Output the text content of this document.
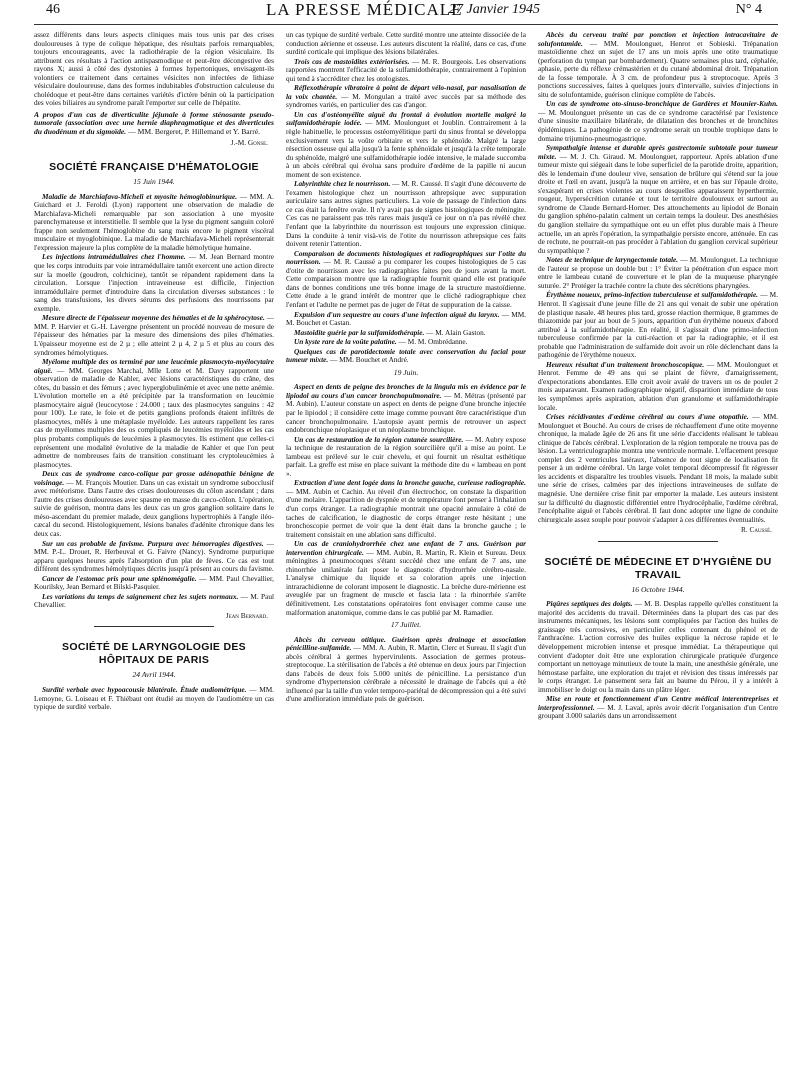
46	LA PRESSE MÉDICALE
27 Janvier 1945	N° 4

assez différents dans leurs aspects cliniques mais tous unis par des crises douloureuses à type de colique hépatique, des résultats parfois remarquables, toujours encourageants, avec la radiothérapie de la région vésiculaire. Ils attribuent ces résultats à l'action antispasmodique et peut-être décongestive des rayons X; aussi à côté des dystonies à formes hypertoniques, envisagent-ils volontiers ce traitement dans certaines vésicites non infectées de lithiase vésiculaire douloureuse, dans des formes indubitables d'obstruction calculeuse du cholédoque et peut-être dans certaines variétés d'ictère bénin où la participation des voies biliaires au syndrome paraît l'emporter sur celle de l'hépatite.

A propos d'un cas de diverticulite jéjunale à forme sténosante pseudo-tumorale (association avec une hernie diaphragmatique et des diverticules du duodénum et du sigmoïde. — MM. Bergeret, P. Hillemand et Y. Barré.

J.-M. Gonse.
SOCIÉTÉ FRANÇAISE D'HÉMATOLOGIE
15 Juin 1944.

Maladie de Marchiafava-Micheli et myosite hémoglobinurique. — MM. A. Guichard et J. Feroldi (Lyon) rapportent une observation de maladie de Marchiafava-Micheli remarquable par son association à une myosite parenchymateuse et interstitielle. Il semble que la lyse du pigment sanguin coloré frappe non seulement l'hémoglobine du sang mais encore le pigment viscéral musculaire et myoglobinique. La maladie de Marchiafava-Micheli représenterait l'expression majeure la plus complète de la maladie hémolytique humaine.

Les injections intramédullaires chez l'homme. — M. Jean Bernard montre que les corps introduits par voie intramédullaire tantôt exercent une action directe sur la moelle (goudron, colchicine), tantôt se répandent rapidement dans la circulation. Lorsque l'injection intraveineuse est difficile, l'injection intramédullaire permet d'introduire dans la circulation diverses substances : le sang des transfusions, les divers sérums des perfusions des nourrissons par exemple.

Mesure directe de l'épaisseur moyenne des hématies et de la sphérocytose. — MM. P. Harvier et G.-H. Lavergne présentent un procédé nouveau de mesure de l'épaisseur des hématies par la mesure des dimensions des piles d'hématies. L'épaisseur moyenne est de 2 µ ; elle atteint 2 µ 4, 2 µ 5 et plus au cours des syndromes hémolytiques.

Myélome multiple des os terminé par une leucémie plasmocyto-myélocytaire aiguë. — MM. Georges Marchal, Mlle Lotte et M. Davy rapportent une observation de maladie de Kahler, avec lésions caractéristiques du crâne, des côtes, du bassin et des fémurs ; avec hyperglobulinémie et avec une nette anémie. L'évolution mortelle en a été précipitée par la transformation en leucémie plasmocytaire aiguë (leucocytose : 24.000 ; taux des plasmocytes sanguins : 42 pour 100). Le rate, le foie et de petits ganglions profonds étaient infiltrés de plasmocytes, mêlés à une métaplasie myéloïde. Les auteurs rappellent les rares cas de myélomes multiples des os compliqués de leucémies myéloïdes et les cas plus probants compliqués de leucémies à plasmocytes. Ils estiment que celles-ci représentent une modalité évolutive de la maladie de Kahler et que l'on peut admettre de nombreuses faits de transition constituant les cryptoleucémies à plasmocytes.

Deux cas de syndrome cæco-colique par grosse adénopathie bénigne de voisinage. — M. François Moutier. Dans un cas existait un syndrome subocclusif avec météorisme. Dans l'autre des crises douloureuses du côlon ascendant ; dans l'autre des crises douloureuses avec spasme en masse du cæco-côlon. L'opération, suivie de guérison, montra dans les deux cas un gros ganglion solitaire dans le méso-ascendant du premier malade, deux ganglions hypertrophiés à l'angle iléo-cæcal du second. Histologiquement, lésions banales d'adénite chronique dans les deux cas.

Sur un cas probable de favisme. Purpura avec hémorragies digestives. — MM. P.-L. Drouet, R. Herbeuval et G. Faivre (Nancy). Syndrome purpurique apparu quelques heures après l'absorption d'un plat de fèves. Ce cas est tout différent des syndromes hémolytiques décrits jusqu'à présent au cours du favisme.

Cancer de l'estomac pris pour une splénomégalie. — MM. Paul Chevallier, Kourilsky, Jean Bernard et Bilski-Pasquier.

Les variations du temps de saignement chez les sujets normaux. — M. Paul Chevallier.

Jean Bernard.
SOCIÉTÉ DE LARYNGOLOGIE DES HÔPITAUX DE PARIS
24 Avril 1944.

Surdité verbale avec hypoacousie bilatérale. Étude audiométrique. — MM. Lemoyne, G. Loiseau et F. Thiébaut ont étudié au moyen de l'audiomètre un cas typique de surdité verbale.

un cas typique de surdité verbale. Cette surdité montre une atteinte dissociée de la conduction aérienne et osseuse. Les auteurs discutent la réalité, dans ce cas, d'une surdité corticale qui implique des lésions bilatérales.

Trois cas de mastoïdites extériorisées. — M. R. Bourgeois. Les observations rapportées montrent l'efficacité de la sulfamidothérapie, contrairement à l'opinion qui tend à s'accréditer chez les otologistes.

Réflexothérapie vibratoire à point de départ vélo-nasal, par nasalisation de la voix chantée. — M. Mongulan a traité avec succès par sa méthode des syndromes variés, en particulier des cas d'angor.

Un cas d'ostéomyélite aiguë du frontal à évolution mortelle malgré la sulfamidothérapie iodée. — MM. Moulonguet et Joublin. Contrairement à la règle habituelle, le processus ostéomyélitique parti du sinus frontal se développa exclusivement vers la voûte orbitaire et vers le sphénoïde. Malgré la large résection osseuse qui alla jusqu'à la fente sphénoïdale et jusqu'à la crête temporale du sphénoïde, malgré une sulfamidothérapie iodée intensive, le malade succomba à un abcès cérébral qui évolua sans produire d'œdème de la papille ni aucun moment de son existence.

Labyrinthite chez le nourrisson. — M. R. Caussé. Il s'agit d'une découverte de l'examen histologique chez un nourrisson athrepsique avec suppuration auriculaire sans autres signes particuliers. La voie de passage de l'infection dans ce cas était la fenêtre ovale. Il n'y avait pas de signes histologiques de méningite. Ces cas ne paraissent pas très rares mais jusqu'à ce jour on n'a pas révélé chez l'enfant que la labyrinthite du nourrisson est toujours une expression clinique. Dans la conduite à tenir visà-vis de l'otite du nourrisson athrepsique ces faits doivent retenir l'attention.

Comparaison de documents histologiques et radiographiques sur l'otite du nourrisson. — M. R. Caussé a pu comparer les coupes histologiques de 5 cas d'otite de nourrisson avec les radiographies faites peu de jours avant la mort. Cette comparaison montre que la radiographie fournit quand elle est pratiquée dans de bonnes conditions une très bonne image de la structure mastoïdienne. Cette étude a le grand intérêt de montrer que le cliché radiographique chez l'enfant et l'adulte ne permet pas de juger de l'état de suppuration de la caisse.

Expulsion d'un sequestre au cours d'une infection aiguë du larynx. — MM. M. Bouchet et Castan.

Mastoïdite guérie par la sulfamidothérapie. — M. Alain Gaston.

Un kyste rare de la voûte palatine. — M. M. Ombrédanne.

Quelques cas de parotidectomie totale avec conservation du facial pour tumeur mixte. — MM. Bouchet et André.

19 Juin.

Aspect en dents de peigne des bronches de la lingula mis en évidence par le lipiodol au cours d'un cancer bronchopulmonaire. — M. Métras (présenté par M. Aubin). L'auteur constate un aspect en dents de peigne d'une bronche injectée par le lipiodol ; il considère cette image comme pouvant être caractéristique d'un cancer bronchopulmonaire. L'autopsie ayant permis de retrouver un aspect endobronchique néoplasique et un néoplasme bronchique.

Un cas de restauration de la région cutanée sourcilière. — M. Aubry expose la technique de restauration de la région sourcilière qu'il a mise au point. Le lambeau est prélevé sur le cuir chevelu, et qui fournit un résultat esthétique parfait. La greffe est mise en place suivant la méthode dite du « lambeau en pont ».

Extraction d'une dent logée dans la bronche gauche, curieuse radiographie. — MM. Aubin et Cachin. Au réveil d'un électrochoc, on constate la disparition d'une molaire. L'apparition de dyspnée et de température font penser à l'inhalation d'un corps étranger. La radiographie montrait une opacité annulaire à côté de taches de calcification, le diagnostic de corps étranger reste hésitant ; une bronchoscopie permet de voir que la dent était dans la bronche gauche ; le traitement consistait en une ablation sans difficulté.

Un cas de craniohydrorrhée chez une enfant de 7 ans. Guérison par intervention chirurgicale. — MM. Aubin, R. Martin, R. Klein et Sureau. Deux méningites à pneumocoques s'étant succédé chez une enfant de 7 ans, une rhinorrhée unilatérale fait poser le diagnostic d'hydrorrhée cérébro-nasale. L'analyse chimique du liquide et sa coloration après une injection intrarachidienne de colorant imposent le diagnostic. La brèche dure-mérienne est aveuglée par un fragment de muscle et fascia lata : la rhinorrhée s'arrête définitivement. Les constatations opératoires font envisager comme cause une malformation anatomique, comme dans le cas publié par M. Ramadier.

17 Juillet.

Abcès du cerveau otitique. Guérison après drainage et association pénicilline-sulfamide. — MM. A. Aubin, R. Martin, Clerc et Sureau. Il s'agit d'un abcès cérébral à germes hypervirulents. Association de germes proteus-streptocoque. La stérilisation de l'abcès a été obtenue en deux jours par l'injection dans l'abcès de deux fois 5.000 unités de pénicilline. La persistance d'un syndrome d'hypertension cérébrale a nécessité le drainage de l'abcès qui a été influencé par la taille d'un volet temporo-pariétal de décompression qui a été suivi d'une amélioration immédiate puis de guérison.

Abcès du cerveau traité par ponction et injection intracavitaire de solufontamide. — MM. Moulonguet, Henrot et Sobieski. Trépanation mastoïdienne chez un sujet de 17 ans un mois après une otite traumatique (perforation du tympan par bombardement). Quatre semaines plus tard, céphalée, aphasie, perte du réflexe crémastérien et du cutané abdominal droit. Trépanation de la fosse temporale. À 3 cm. de profondeur pus à streptocoque. Après 3 ponctions successives, faites à quelques jours d'intervalle, suivies d'injections in situ de solufontamide, guérison clinique complète de l'abcès.

Un cas de syndrome oto-sinuso-bronchique de Gardères et Mounier-Kuhn. — M. Moulonguet présente un cas de ce syndrome caractérisé par l'existence d'une sinusite maxillaire bilatérale, de dilatation des bronches et de bronchites épidémiques. La pathogénie de ce syndrome serait un trouble trophique dans le domaine trijumino-pneumogastrique.

Sympathalgie intense et durable après gastrectomie subtotale pour tumeur mixte. — M. J. Ch. Giraud. M. Moulonguet, rapporteur. Après ablation d'une tumeur mixte qui siégeait dans le lobe superficiel de la parotide droite, apparition, dès le lendemain d'une douleur vive, sensation de brûlure qui s'étend sur la joue droite et l'œil en avant, jusqu'à la nuque en arrière, et en bas sur l'épaule droite, s'exaspérant en crises violentes au cours desquelles apparaissent hyperthermie, rougeur, hypersécrétion cutanée et tout le territoire douloureux et surtout au syndrome de Claude Bernard-Horner. Des attouchements au lipiodol de Bonain du ganglion sphéno-palatin calment un certain temps la douleur. Des anesthésies du ganglion stellaire du sympathique ont eu un effet plus durable mais à l'heure actuelle, un an après l'opération, la sympathalgie persiste encore, atténuée. En cas de rechute, ne pourrait-on pas procéder à l'ablation du ganglion cervical supérieur du sympathique ?

Notes de technique de laryngectomie totale. — M. Moulonguet. La technique de l'auteur se propose un double but : 1° Éviter la pénétration d'un espace mort entre le lambeau cutané de couverture et le plan de la muqueuse pharyngée suturée. 2° Protéger la trachée contre la chute des sécrétions pharyngées.

Érythème noueux, primo-infection tuberculeuse et sulfamidothérapie. — M. Henrot. Il s'agissait d'une jeune fille de 21 ans qui venait de subir une opération de plastique nasale. 48 heures plus tard, grosse réaction thermique, 8 grammes de thiazomide par jour au bout de 5 jours, apparition d'un érythème noueux d'abord attribué à la sulfamidothérapie. En réalité, il s'agissait d'une primo-infection tuberculeuse confirmée par la cuti-réaction et par la radiographie, et il est probable que l'administration de sulfamide doit avoir un rôle déclenchant dans la pathogénie de l'érythème noueux.

Heureux résultat d'un traitement bronchoscopique. — MM. Moulonguet et Henrot. Femme de 49 ans qui se plaint de fièvre, d'amaigrissement, d'expectorations abondantes. Elle croit avoir avalé de travers un os de poulet 2 mois auparavant. Examen radiographique négatif, disparition immédiate de tous les symptômes après aspiration, ablation d'un granulome et sulfamidothérapie locale.

Crises récidivantes d'œdème cérébral au cours d'une otopathie. — MM. Moulonguet et Bouché. Au cours de crises de réchauffement d'une otite moyenne chronique, la malade âgée de 26 ans fit une série d'accidents réalisant le tableau clinique de l'abcès cérébral. L'exploration de la région temporale ne trouva pas de lésion. La ventriculographie montra une ventricule normale. L'effacement presque complet des 2 ventricules latéraux, l'absence de tout signe de localisation fit penser à un œdème cérébral. Un large volet temporal décompressif fit régresser les accidents et disparaître les troubles visuels. Pendant 18 mois, la malade subit une série de crises, calmées par des injections intraveineuses de sulfate de magnésie. Une dernière crise finit par emporter la malade. Les auteurs insistent sur la difficulté du diagnostic différentiel entre l'hydrocéphalie, l'œdème cérébral, l'encéphalite aiguë et l'abcès cérébral. Il faut donc adopter une ligne de conduite chirurgicale assez souple pour pouvoir s'adapter à ces différentes éventualités.

R. Caussé.
SOCIÉTÉ DE MÉDECINE ET D'HYGIÈNE DU TRAVAIL
16 Octobre 1944.

Piqûres septiques des doigts. — M. B. Desplas rappelle qu'elles constituent la majorité des accidents du travail. Déterminées dans la plupart des cas par des instruments mécaniques, les lésions sont compliquées par l'action des huiles de graissage très corrosives, en particulier celles contenant du phénol et de l'anthracène. L'action corrosive des huiles explique la nécrose rapide et le développement microbien intense et presque immédiat. La thérapeutique qui convient d'adopter doit être une exploration chirurgicale pratiquée d'urgence comportant un nettoyage minutieux de toute la main, une anesthésie générale, une hémostase parfaite, une exploration du trajet et révision des tissus intéressés par le corps étranger. Le pansement sera fait au baume du Pérou, il y a intérêt à immobiliser le doigt ou la main dans un plâtre léger.

Mise en route et fonctionnement d'un Centre médical interentreprises et interprofessionnel. — M. J. Laval, après avoir décrit l'organisation d'un Centre groupant 3.000 salariés dans un arrondissement
